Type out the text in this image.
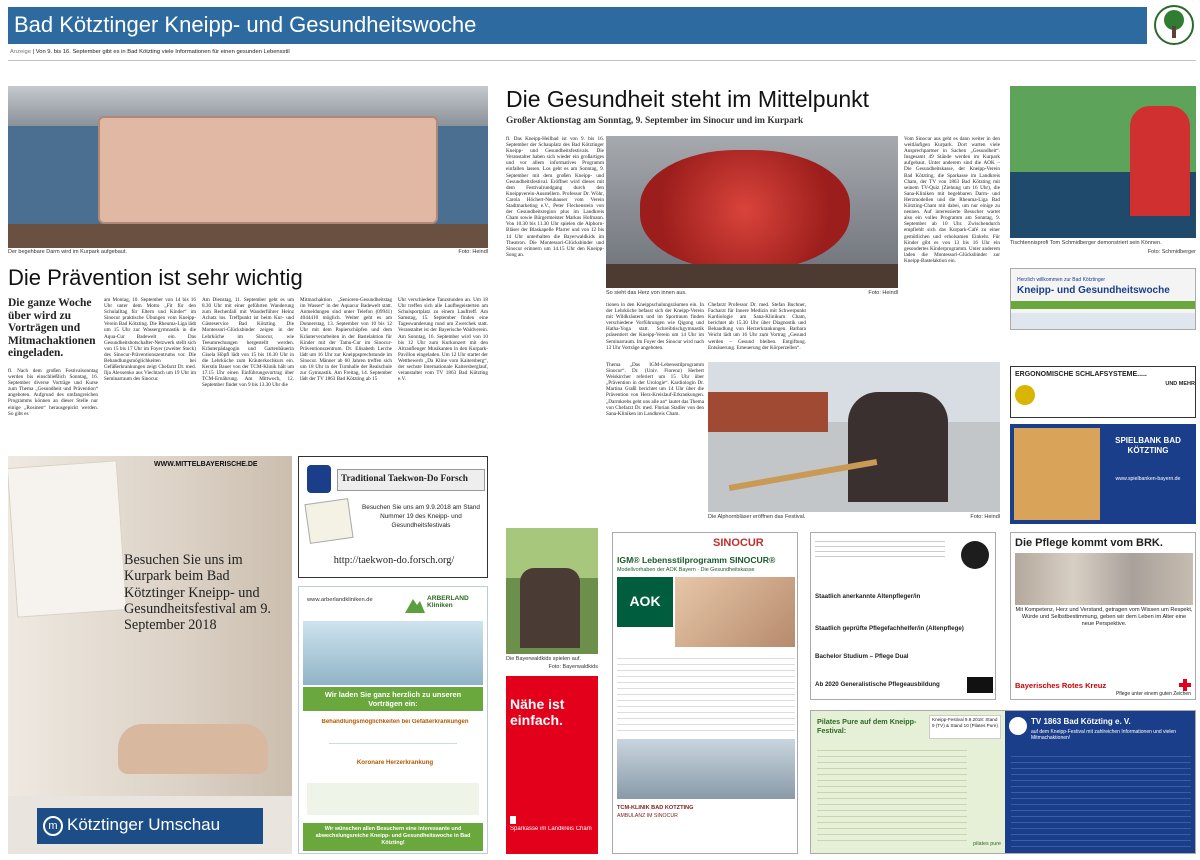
Bad Kötztinger Kneipp- und Gesundheitswoche
Anzeige | Von 9. bis 16. September gibt es in Bad Kötzting viele Informationen für einen gesunden Lebensstil
Der begehbare Darm wird im Kurpark aufgebaut.	Foto: Heindl
Die Prävention ist sehr wichtig
Die ganze Woche über wird zu Vorträgen und Mitmachaktionen eingeladen.
fl. Nach dem großen Festivalsonntag werden bis einschließlich Sonntag, 16. September diverse Vorträge und Kurse zum Thema „Gesundheit und Prävention“ angeboten. Aufgrund des umfangreichen Programms können an dieser Stelle nur einige „Rosinen“ herausgepickt werden. So gibt es
am Montag, 10. September von 14 bis 16 Uhr unter dem Motto „Fit für den Schulalltag für Eltern und Kinder“ im Sinocur praktische Übungen vom Kneipp-Verein Bad Kötzting. Die Rheuma-Liga lädt um 15 Uhr zur Wassergymnastik in die Aqua-Cur Badewelt ein. Das Gesundheitsbotschafter-Netzwerk stellt sich von 15 bis 17 Uhr im Foyer (zweiter Stock) des Sinocur-Präventionszentrums vor. Die Behandlungsmöglichkeiten bei Gefäßerkrankungen zeigt Chefarzt Dr. med. Ilja Alexsenko aus Viechtach um 19 Uhr im Seminarraum des Sinocur.
Am Dienstag, 11. September geht es um 8.30 Uhr mit einer geführten Wanderung zum Rechenfall mit Wanderführer Heinz Achatz los. Treffpunkt ist beim Kur- und Gästeservice Bad Kötzting. Die Montessori-Glücksbinder zeigen in der Lehrküche im Sinocur, wie Teeumrechungen hergestellt werden. Kräuterpädagogin und Gartenbäuerin Gisela Höpfl lädt von 15 bis 16.30 Uhr in die Lehrküche zum Kräuterkochkurs ein. Kerstin Bauer von der TCM-Klinik hält um 17.15 Uhr einen Einführungsvortrag über TCM-Ernährung. Am Mittwoch, 12. September findet von 9 bis 13.30 Uhr die
Mitmachaktion „Senioren-Gesundheitstag im Wasser“ in der Aquacur Badewelt statt. Anmeldungen sind unter Telefon (09941) 4044410 möglich. Weiter geht es am Donnerstag, 13. September von 10 bis 12 Uhr mit dem Papierschöpfen und dem Kräuterverarbeiten in der Bastelaktion für Kinder mit der Tamu-Cur im Sinocur-Präventionszentrum. Dr. Elisabeth Lerche lädt um 16 Uhr zur Kneippsprechstunde im Sinocur. Männer ab 60 Jahren treffen sich um 18 Uhr in der Turnhalle der Realschule zur Gymnastik. Am Freitag, 14. September lädt der TV 1863 Bad Kötzting ab 15
Uhr verschiedene Tanzstunden an. Um 18 Uhr treffen sich alle Laufbegeisterten am Schulsportplatz zu einem Lauftreff. Am Samstag, 15. September finden eine Tageswanderung rund um Zwerchek statt. Veranstaltet ist der Bayerische Waldverein. Am Sonntag, 16. September wird von 10 bis 12 Uhr zum Kurkonzert mit den Altrauflenger Musikanten in den Kurpark-Pavillon eingeladen. Um 12 Uhr startet der Wettbewerb „Da Kline vom Kaitersberg“, der sechste Internationale Kaitersberglauf, veranstaltet vom TV 1863 Bad Kötzting e.V.
WWW.MITTELBAYERISCHE.DE
Besuchen Sie uns im Kurpark beim Bad Kötztinger Kneipp- und Gesundheitsfestival am 9. September 2018
m Kötztinger Umschau
Traditional Taekwon-Do Forsch
Besuchen Sie uns am 9.9.2018 am Stand Nummer 19 des Kneipp- und Gesundheitsfestivals
http://taekwon-do.forsch.org/
www.arberlandkliniken.de	ARBERLAND Kliniken
Wir laden Sie ganz herzlich zu unseren Vorträgen ein:
Behandlungsmöglichkeiten bei Gefäßerkrankungen
Koronare Herzerkrankung
Wir wünschen allen Besuchern eine interessante und abwechslungsreiche Kneipp- und Gesundheitswoche in Bad Kötzting!
Die Gesundheit steht im Mittelpunkt
Großer Aktionstag am Sonntag, 9. September im Sinocur und im Kurpark
fl. Das Kneipp-Heilbad ist von 9. bis 16. September der Schauplatz des Bad Kötztinger Kneipp- und Gesundheitsfestivals. Die Veranstalter haben sich wieder ein großartiges und vor allem informatives Programm einfallen lassen. Los geht es am Sonntag, 9. September mit dem großen Kneipp- und Gesundheitsfestival. Eröffnet wird dieses mit dem Festivalrundgang durch den Kneippverein-Ausstellern. Professor Dr. Wöhr, Carola Höchert-Neuhauser vom Verein Stadtmarketing e.V., Peter Fleckenstein von der Gesundheitsregion plus im Landkreis Cham sowie Bürgermeister Markus Hofmann. Von 10.30 bis 11.30 Uhr spielen die Alphorn-Bläser der Blaskapelle Pfarrer und von 12 bis 14 Uhr unterhalten die Bayerwaldkids im Theatron. Die Montessori-Glücksbinder und Sinocur erinnern um 14.15 Uhr den Kneipp-Song an.
So sieht das Herz von innen aus.	Foto: Heindl
tionen in den Kneippschulungsräumen ein. In der Lehrküche befasst sich der Kneipp-Verein mit Wildkräutern und im Sportraum finden verschiedene Vorführungen wie Qigong und Hatha-Yoga statt. Schreibtischgymnastik präsentiert der Kneipp-Verein um 14 Uhr im Seminarraum. Im Foyer des Sinocur wird nach 13 Uhr Vorträge angeboten.
Thema „Das IGM-Lebensstilprogramm Sinocur“. Dr. (Univ. Florenz) Herbert Weiskircher referiert um 15 Uhr über „Prävention in der Urologie“. Kardiologin Dr. Martina Graßl berichtet um 14 Uhr über die Prävention von Herz-Kreislauf-Erkrankungen. „Darmkrebs geht uns alle an“ lautet das Thema von Chefarzt Dr. med. Florian Stadler von den Sana-Kliniken im Landkreis Cham.
Chefarzt Professor Dr. med. Stefan Buchner, Facharzt für Innere Medizin mit Schwerpunkt Kardiologie am Sana-Klinikum Cham, berichtet ab 15.30 Uhr über Diagnostik und Behandlung von Herzerkrankungen. Barbara Veicht lädt um 16 Uhr zum Vortrag „Gesund werden – Gesund bleiben. Entgiftung. Entsäuerung. Erneuerung der Körperzellen“.
Vom Sinocur aus geht es dann weiter in den weitläufigen Kurpark. Dort warten viele Ansprechpartner in Sachen „Gesundheit“. Insgesamt 49 Stände werden im Kurpark aufgebaut. Unter anderem sind die AOK – Die Gesundheitskasse, der Kneipp-Verein Bad Kötzting, die Sparkasse im Landkreis Cham, der TV von 1863 Bad Kötzting mit seinem TV-Quiz (Ziehung um 16 Uhr), die Sana-Kliniken mit begehbaren Darm- und Herzmodellen und die Rheuma-Liga Bad Kötzting-Cham mit dabei, um nur einige zu nennen. Auf interessierte Besucher wartet also ein volles Programm am Sonntag, 9. September ab 10 Uhr. Zwischendurch empfiehlt sich das Kurpark-Café zu einer gemütlichen und erholsamen Einkehr. Für Kinder gibt es von 13 bis 16 Uhr ein gesondertes Kinderprogramm. Unter anderem laden die Montessori-Glücksbinder zur Kneipp-Bastelaktion ein.
Die Alphornbläser eröffnen das Festival.	Foto: Heindl
Tischtennisprofi Tom Schmidberger demonstriert sein Können.
Foto: Schmidberger
Herzlich willkommen zur Bad Kötztinger
Kneipp- und Gesundheitswoche
ERGONOMISCHE SCHLAFSYSTEME.....
UND MEHR
SPIELBANK BAD KÖTZTING
www.spielbanken-bayern.de
Die Bayerwaldkids spielen auf.
Foto: Bayerwaldkids
Nähe ist einfach.
Sparkasse im Landkreis Cham
SINOCUR
IGM® Lebensstilprogramm SINOCUR®
Modellvorhaben der AOK Bayern · Die Gesundheitskasse
AOK
TCM-KLINIK BAD KÖTZTING
AMBULANZ IM SINOCUR
Staatlich anerkannte Altenpfleger/in
Staatlich geprüfte Pflegefachhelfer/in (Altenpflege)
Bachelor Studium – Pflege Dual
Ab 2020 Generalistische Pflegeausbildung
Die Pflege kommt vom BRK.
Mit Kompetenz, Herz und Verstand, getragen vom Wissen um Respekt, Würde und Selbstbestimmung, geben wir dem Leben im Alter eine neue Perspektive.
Bayerisches Rotes Kreuz
Pflege unter einem guten Zeichen
Pilates Pure auf dem Kneipp-Festival:
Kneipp-Festival 9.9.2018: Stand 9 (TV) & Stand 10 (Pilates Pure)
pilates pure
TV 1863 Bad Kötzting e. V.
auf dem Kneipp-Festival mit zahlreichen Informationen und vielen Mitmachaktionen!
